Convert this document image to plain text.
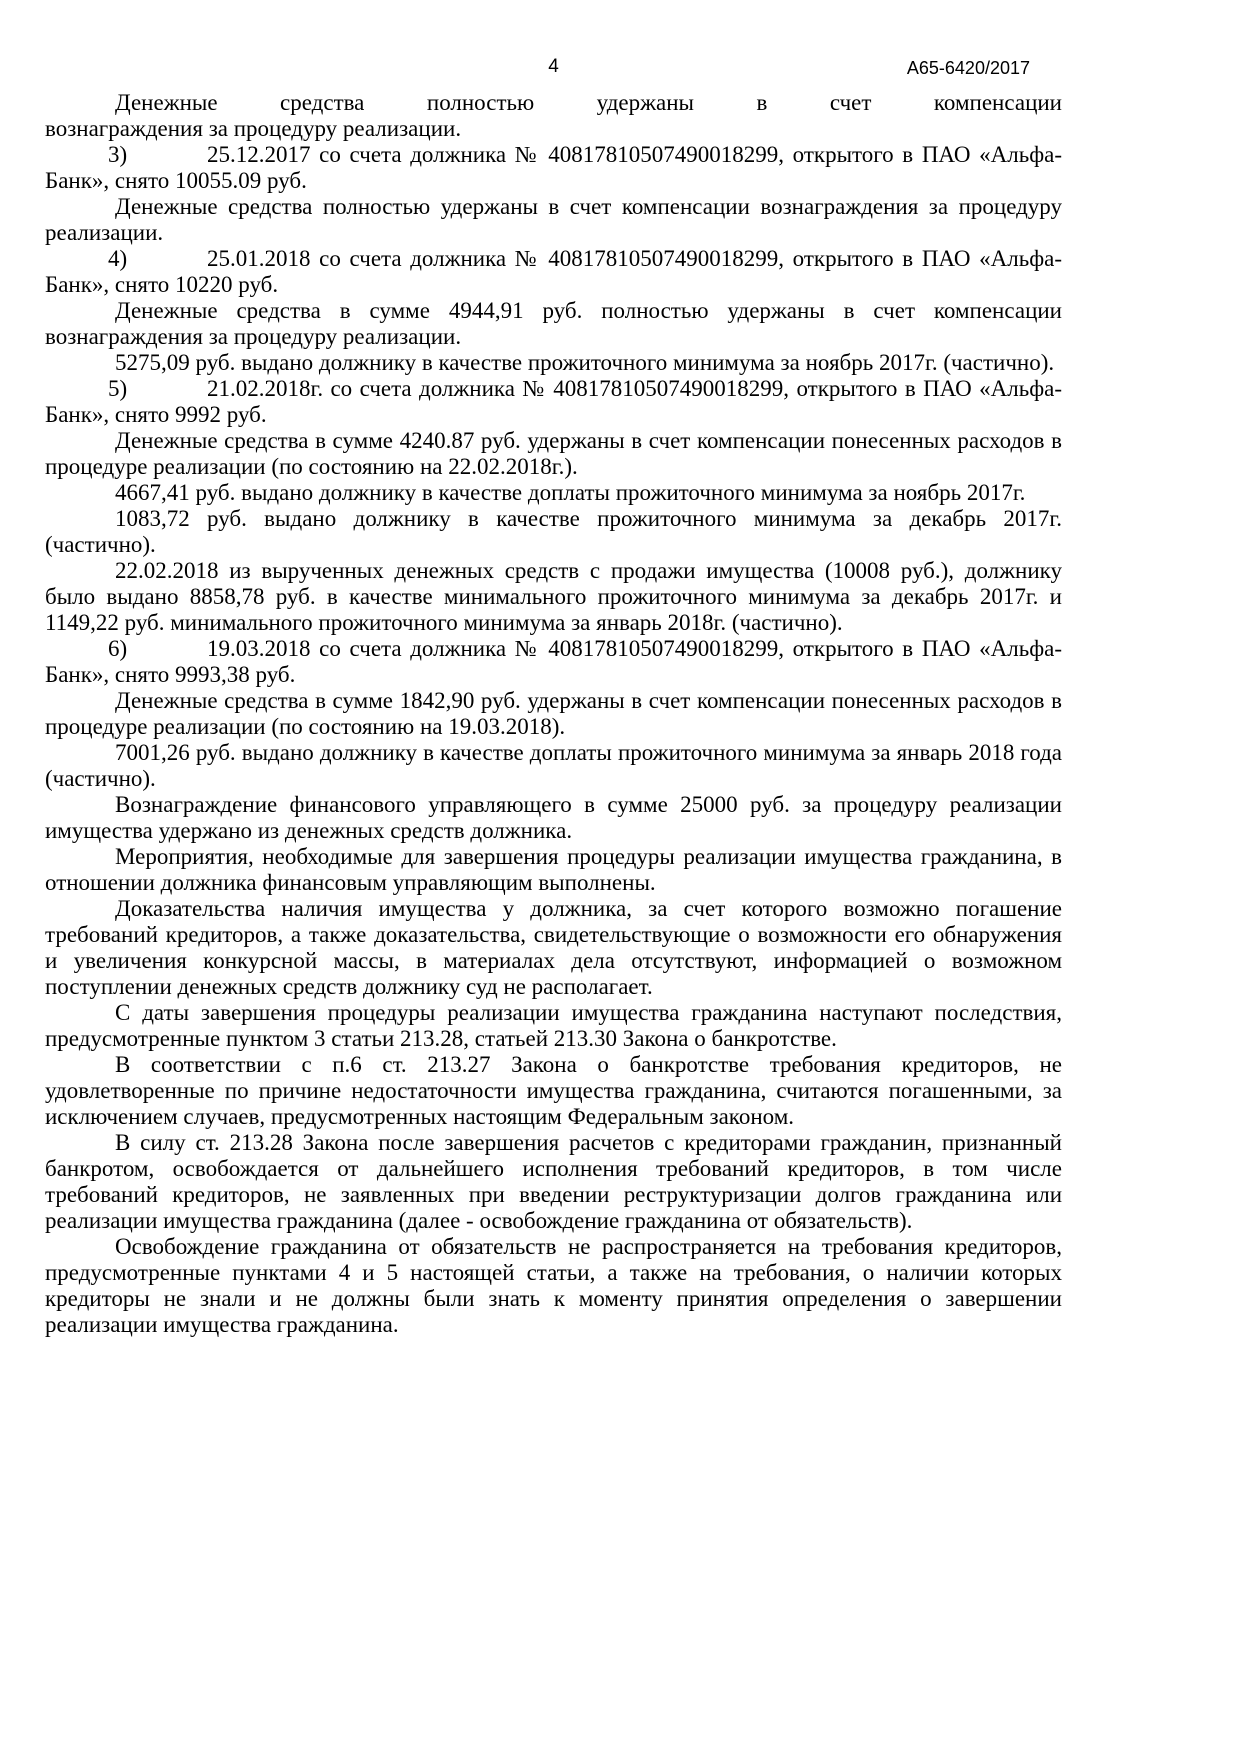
4	А65-6420/2017
Денежные средства полностью удержаны в счет компенсации
вознаграждения за процедуру реализации.

3)	25.12.2017 со счета должника № 40817810507490018299, открытого в ПАО «Альфа-Банк», снято 10055.09 руб.

Денежные средства полностью удержаны в счет компенсации вознаграждения за процедуру реализации.

4)	25.01.2018 со счета должника № 40817810507490018299, открытого в ПАО «Альфа-Банк», снято 10220 руб.

Денежные средства в сумме 4944,91 руб. полностью удержаны в счет компенсации вознаграждения за процедуру реализации.

5275,09 руб. выдано должнику в качестве прожиточного минимума за ноябрь 2017г. (частично).

5)	21.02.2018г. со счета должника № 40817810507490018299, открытого в ПАО «Альфа-Банк», снято 9992 руб.

Денежные средства в сумме 4240.87 руб. удержаны в счет компенсации понесенных расходов в процедуре реализации (по состоянию на 22.02.2018г.).

4667,41 руб. выдано должнику в качестве доплаты прожиточного минимума за ноябрь 2017г.

1083,72 руб. выдано должнику в качестве прожиточного минимума за декабрь 2017г. (частично).

22.02.2018 из вырученных денежных средств с продажи имущества (10008 руб.), должнику было выдано 8858,78 руб. в качестве минимального прожиточного минимума за декабрь 2017г. и 1149,22 руб. минимального прожиточного минимума за январь 2018г. (частично).

6)	19.03.2018 со счета должника № 40817810507490018299, открытого в ПАО «Альфа-Банк», снято 9993,38 руб.

Денежные средства в сумме 1842,90 руб. удержаны в счет компенсации понесенных расходов в процедуре реализации (по состоянию на 19.03.2018).

7001,26 руб. выдано должнику в качестве доплаты прожиточного минимума за январь 2018 года (частично).

Вознаграждение финансового управляющего в сумме 25000 руб. за процедуру реализации имущества удержано из денежных средств должника.

Мероприятия, необходимые для завершения процедуры реализации имущества гражданина, в отношении должника финансовым управляющим выполнены.

Доказательства наличия имущества у должника, за счет которого возможно погашение требований кредиторов, а также доказательства, свидетельствующие о возможности его обнаружения и увеличения конкурсной массы, в материалах дела отсутствуют, информацией о возможном поступлении денежных средств должнику суд не располагает.

С даты завершения процедуры реализации имущества гражданина наступают последствия, предусмотренные пунктом 3 статьи 213.28, статьей 213.30 Закона о банкротстве.

В соответствии с п.6 ст. 213.27 Закона о банкротстве требования кредиторов, не удовлетворенные по причине недостаточности имущества гражданина, считаются погашенными, за исключением случаев, предусмотренных настоящим Федеральным законом.

В силу ст. 213.28 Закона после завершения расчетов с кредиторами гражданин, признанный банкротом, освобождается от дальнейшего исполнения требований кредиторов, в том числе требований кредиторов, не заявленных при введении реструктуризации долгов гражданина или реализации имущества гражданина (далее - освобождение гражданина от обязательств).

Освобождение гражданина от обязательств не распространяется на требования кредиторов, предусмотренные пунктами 4 и 5 настоящей статьи, а также на требования, о наличии которых кредиторы не знали и не должны были знать к моменту принятия определения о завершении реализации имущества гражданина.
